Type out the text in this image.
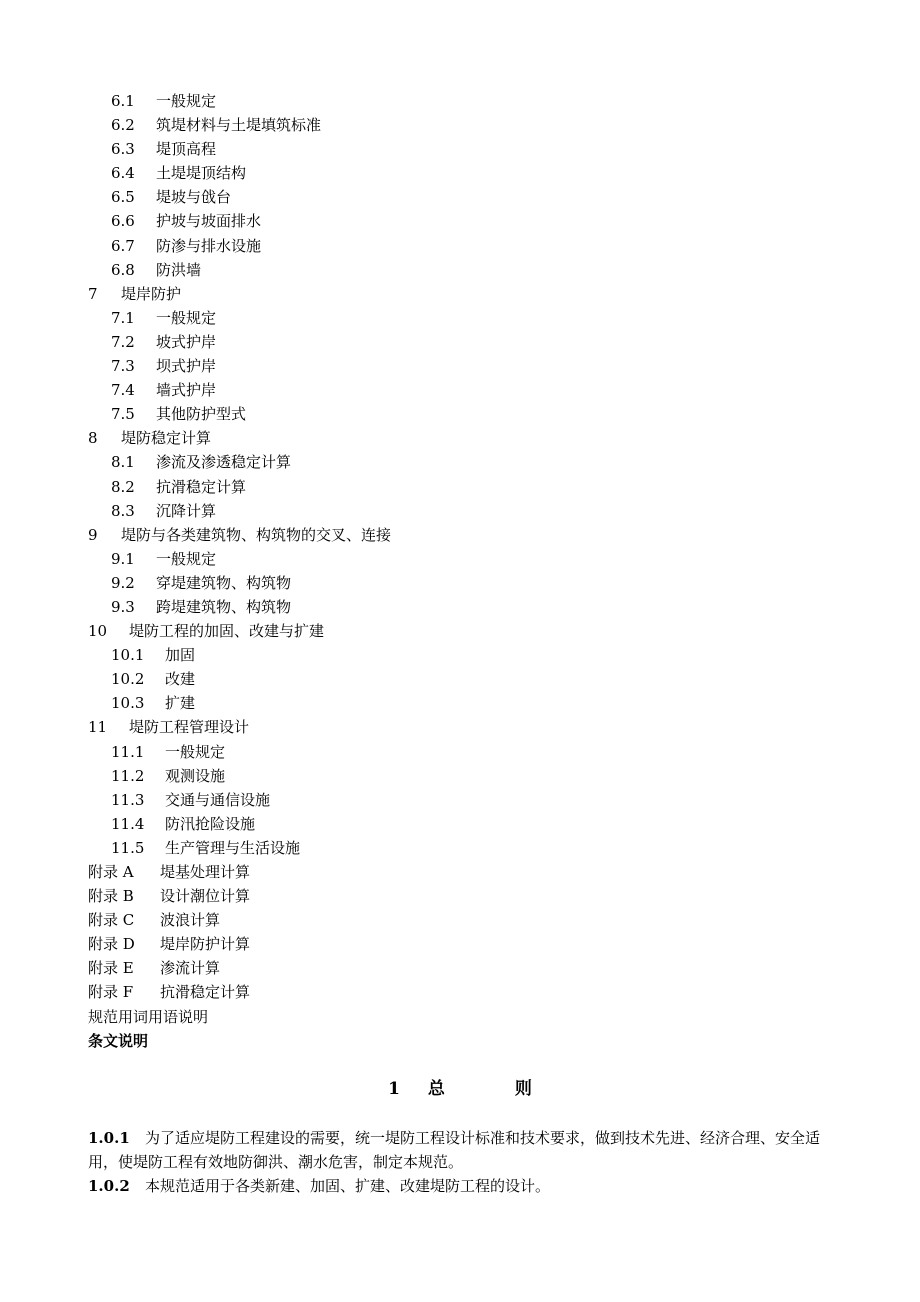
6.1	一般规定
6.2	筑堤材料与土堤填筑标准
6.3	堤顶高程
6.4	土堤堤顶结构
6.5	堤坡与戗台
6.6	护坡与坡面排水
6.7	防渗与排水设施
6.8	防洪墙
7	堤岸防护
7.1	一般规定
7.2	坡式护岸
7.3	坝式护岸
7.4	墙式护岸
7.5	其他防护型式
8	堤防稳定计算
8.1	渗流及渗透稳定计算
8.2	抗滑稳定计算
8.3	沉降计算
9	堤防与各类建筑物、构筑物的交叉、连接
9.1	一般规定
9.2	穿堤建筑物、构筑物
9.3	跨堤建筑物、构筑物
10	堤防工程的加固、改建与扩建
10.1	加固
10.2	改建
10.3	扩建
11	堤防工程管理设计
11.1	一般规定
11.2	观测设施
11.3	交通与通信设施
11.4	防汛抢险设施
11.5	生产管理与生活设施
附录 A	堤基处理计算
附录 B	设计潮位计算
附录 C	波浪计算
附录 D	堤岸防护计算
附录 E	渗流计算
附录 F	抗滑稳定计算
规范用词用语说明
条文说明
1 总	则

1.0.1 为了适应堤防工程建设的需要，统一堤防工程设计标准和技术要求，做到技术先进、经济合理、安全适用，使堤防工程有效地防御洪、潮水危害，制定本规范。

1.0.2 本规范适用于各类新建、加固、扩建、改建堤防工程的设计。
